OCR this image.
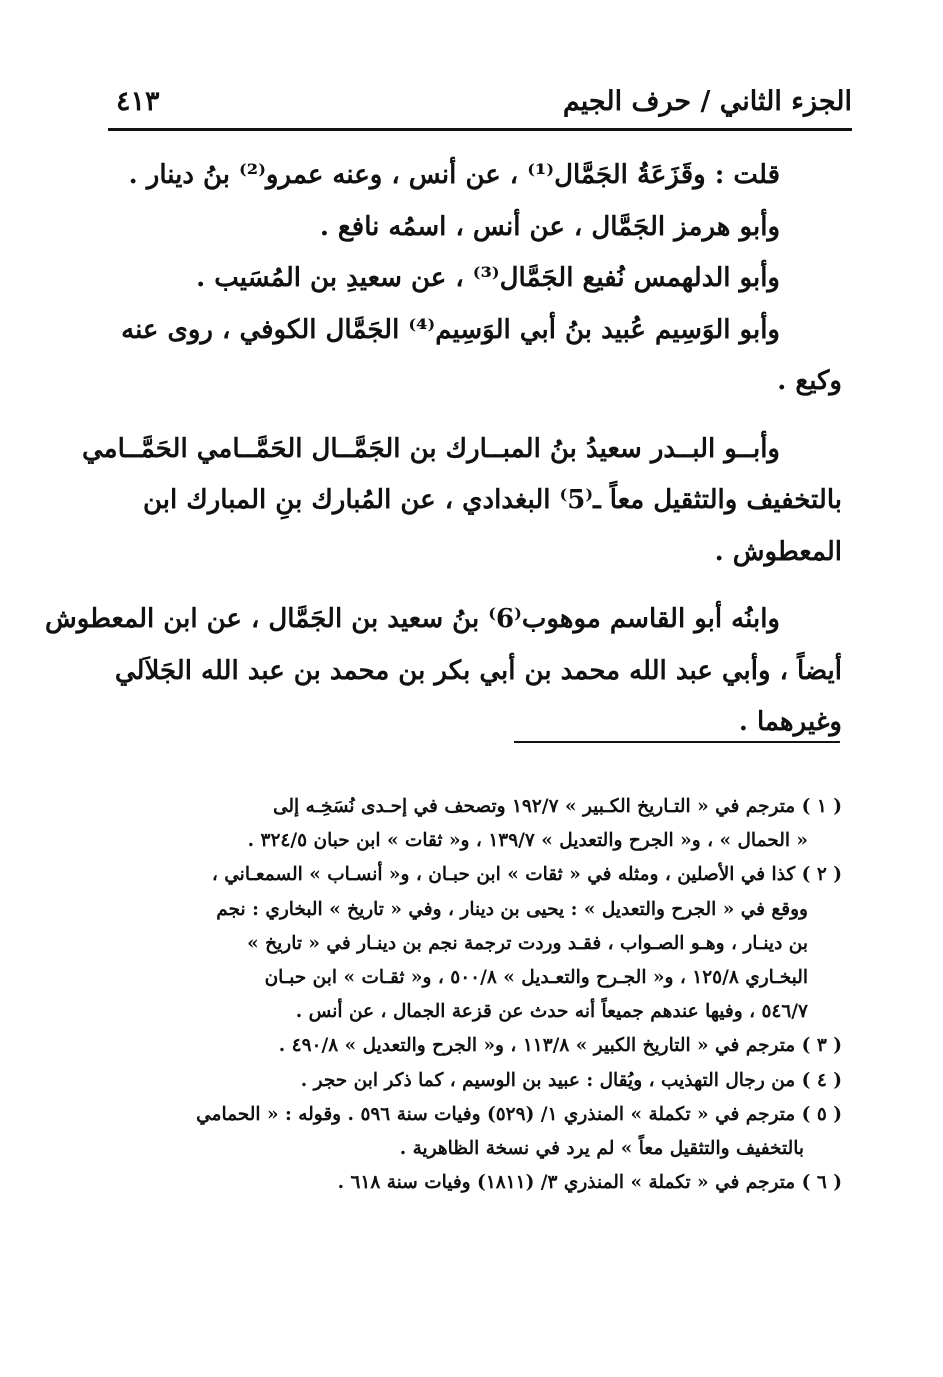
الجزء الثاني / حرف الجيم
٤١٣
قلت : وقَزَعَةُ الجَمَّال⁽¹⁾ ، عن أنس ، وعنه عمرو⁽²⁾ بنُ دينار .
وأبو هرمز الجَمَّال ، عن أنس ، اسمُه نافع .
وأبو الدلهمس نُفيع الجَمَّال⁽³⁾ ، عن سعيدِ بن المُسَيب .
وأبو الوَسِيم عُبيد بنُ أبي الوَسِيم⁽⁴⁾ الجَمَّال الكوفي ، روى عنه
وكيع .
وأبــو البــدر سعيدُ بنُ المبــارك بن الجَمَّــال الحَمَّــامي الحَمَّــامي
بالتخفيف والتثقيل معاً ـ⁽5⁾ البغدادي ، عن المُبارك بنِ المبارك ابن
المعطوش .
وابنُه أبو القاسم موهوب⁽6⁾ بنُ سعيد بن الجَمَّال ، عن ابن المعطوش
أيضاً ، وأبي عبد الله محمد بن أبي بكر بن محمد بن عبد الله الجَلاَلي
وغيرهما .
( ١ ) مترجم في « التـاريخ الكـبير » ١٩٢/٧ وتصحف في إحـدى نُسَخِـه إلى
« الحمال » ، و« الجرح والتعديل » ١٣٩/٧ ، و« ثقات » ابن حبان ٣٢٤/٥ .
( ٢ ) كذا في الأصلين ، ومثله في « ثقات » ابن حبـان ، و« أنسـاب » السمعـاني ،
ووقع في « الجرح والتعديل » : يحيى بن دينار ، وفي « تاريخ » البخاري : نجم
بن دينـار ، وهـو الصـواب ، فقـد وردت ترجمة نجم بن دينـار في « تاريخ »
البخـاري ١٢٥/٨ ، و« الجـرح والتعـديل » ٥٠٠/٨ ، و« ثقـات » ابن حبـان
٥٤٦/٧ ، وفيها عندهم جميعاً أنه حدث عن قزعة الجمال ، عن أنس .
( ٣ ) مترجم في « التاريخ الكبير » ١١٣/٨ ، و« الجرح والتعديل » ٤٩٠/٨ .
( ٤ ) من رجال التهذيب ، ويُقال : عبيد بن الوسيم ، كما ذكر ابن حجر .
( ٥ ) مترجم في « تكملة » المنذري ١/ (٥٢٩) وفيات سنة ٥٩٦ . وقوله : « الحمامي
بالتخفيف والتثقيل معاً » لم يرد في نسخة الظاهرية .
( ٦ ) مترجم في « تكملة » المنذري ٣/ (١٨١١) وفيات سنة ٦١٨ .
